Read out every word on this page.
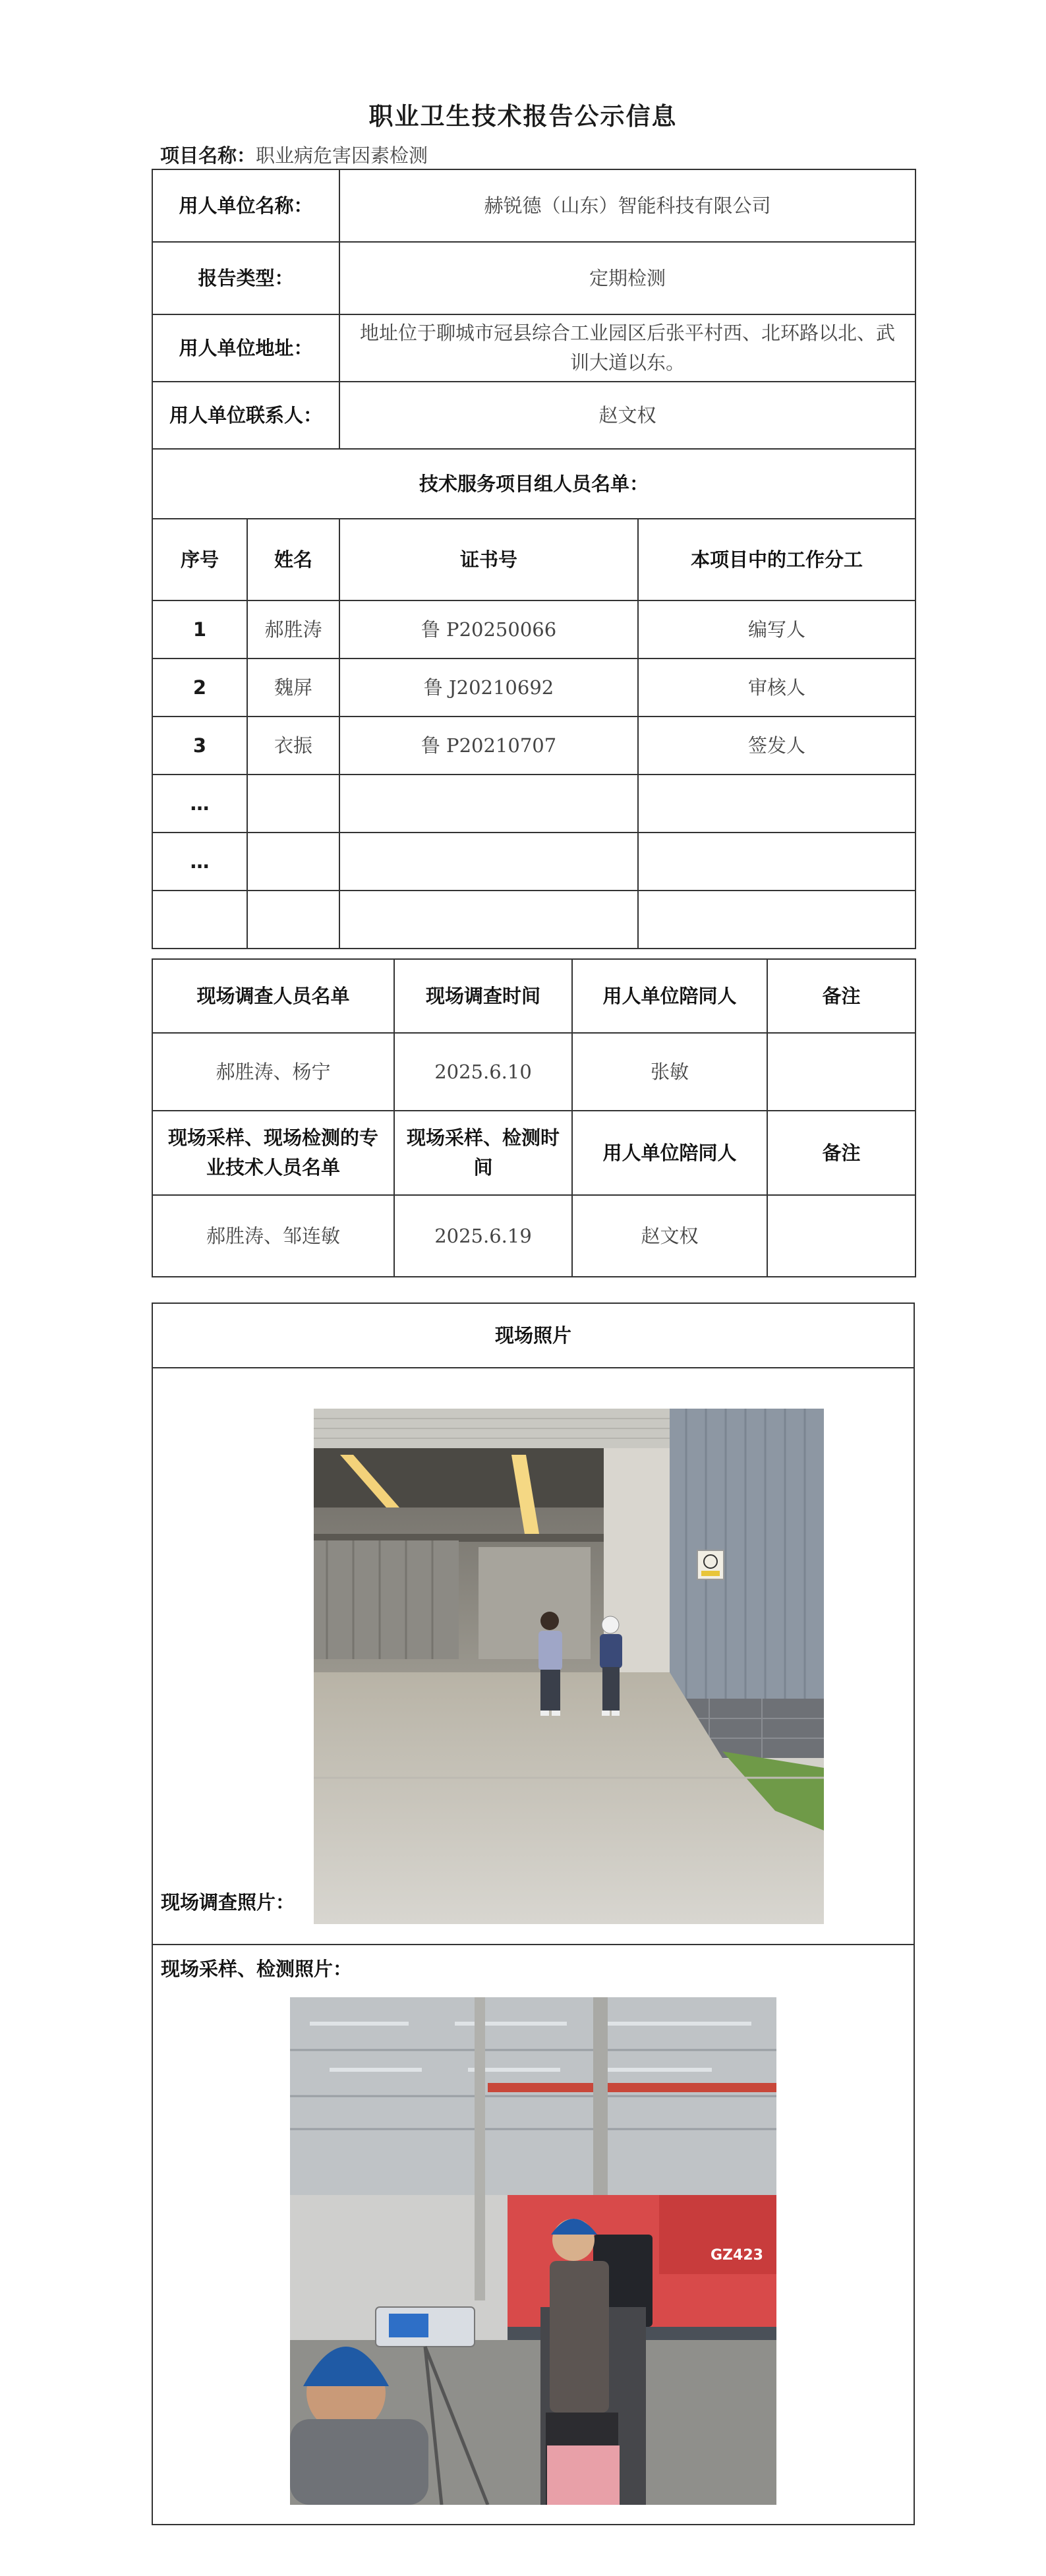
职业卫生技术报告公示信息
项目名称：职业病危害因素检测
用人单位名称：		赫锐德（山东）智能科技有限公司	
报告类型：		定期检测	
用人单位地址：		地址位于聊城市冠县综合工业园区后张平村西、北环路以北、武训大道以东。	
用人单位联系人：		赵文权	
技术服务项目组人员名单：			
序号	姓名	证书号	本项目中的工作分工
1	郝胜涛	鲁 P20250066	编写人
2	魏屏	鲁 J20210692	审核人
3	衣振	鲁 P20210707	签发人
…			
…			

现场调查人员名单	现场调查时间	用人单位陪同人	备注
郝胜涛、杨宁	2025.6.10	张敏	
现场采样、现场检测的专业技术人员名单	现场采样、检测时间	用人单位陪同人	备注
郝胜涛、邹连敏	2025.6.19	赵文权	
现场照片

现场调查照片：

现场采样、检测照片：
GZ423
